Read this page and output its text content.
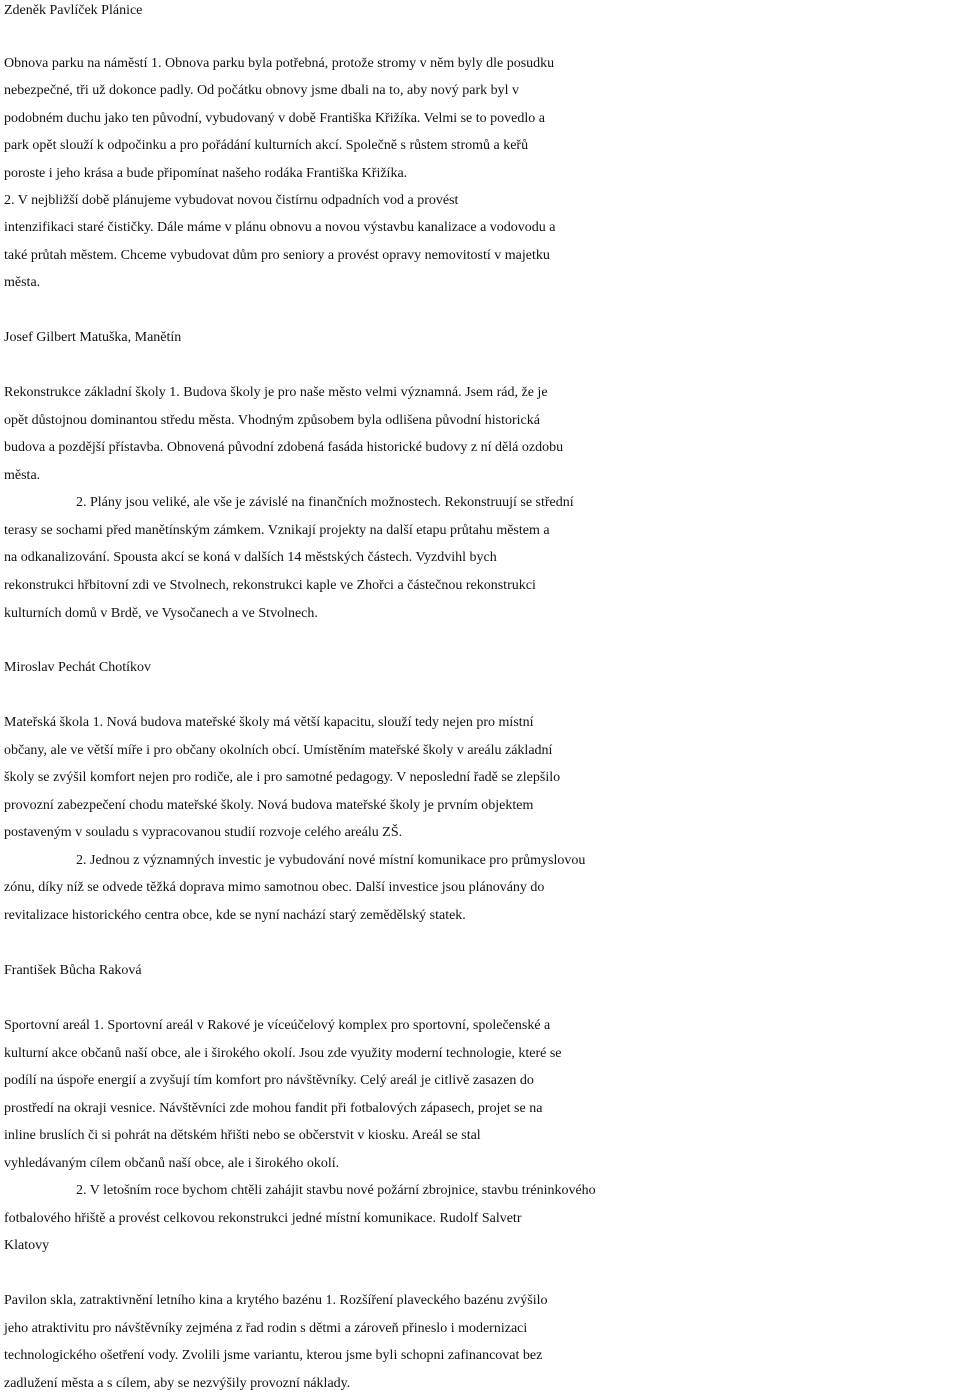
Zdeněk Pavlíček Plánice
Obnova parku na náměstí 1. Obnova parku byla potřebná, protože stromy v něm byly dle posudku
nebezpečné, tři už dokonce padly. Od počátku obnovy jsme dbali na to, aby nový park byl v
podobném duchu jako ten původní, vybudovaný v době Františka Křižíka. Velmi se to povedlo a
park opět slouží k odpočinku a pro pořádání kulturních akcí. Společně s růstem stromů a keřů
poroste i jeho krása a bude připomínat našeho rodáka Františka Křižíka.
2. V nejbližší době plánujeme vybudovat novou čistírnu odpadních vod a provést
intenzifikaci staré čističky. Dále máme v plánu obnovu a novou výstavbu kanalizace a vodovodu a
také průtah městem. Chceme vybudovat dům pro seniory a provést opravy nemovitostí v majetku
města.
Josef Gilbert Matuška, Manětín
Rekonstrukce základní školy 1. Budova školy je pro naše město velmi významná. Jsem rád, že je
opět důstojnou dominantou středu města. Vhodným způsobem byla odlišena původní historická
budova a pozdější přístavba. Obnovená původní zdobená fasáda historické budovy z ní dělá ozdobu
města.
2. Plány jsou veliké, ale vše je závislé na finančních možnostech. Rekonstruují se střední
terasy se sochami před manětínským zámkem. Vznikají projekty na další etapu průtahu městem a
na odkanalizování. Spousta akcí se koná v dalších 14 městských částech. Vyzdvihl bych
rekonstrukci hřbitovní zdi ve Stvolnech, rekonstrukci kaple ve Zhořci a částečnou rekonstrukci
kulturních domů v Brdě, ve Vysočanech a ve Stvolnech.
Miroslav Pechát Chotíkov
Mateřská škola 1. Nová budova mateřské školy má větší kapacitu, slouží tedy nejen pro místní
občany, ale ve větší míře i pro občany okolních obcí. Umístěním mateřské školy v areálu základní
školy se zvýšil komfort nejen pro rodiče, ale i pro samotné pedagogy. V neposlední řadě se zlepšilo
provozní zabezpečení chodu mateřské školy. Nová budova mateřské školy je prvním objektem
postaveným v souladu s vypracovanou studií rozvoje celého areálu ZŠ.
2. Jednou z významných investic je vybudování nové místní komunikace pro průmyslovou
zónu, díky níž se odvede těžká doprava mimo samotnou obec. Další investice jsou plánovány do
revitalizace historického centra obce, kde se nyní nachází starý zemědělský statek.
František Bůcha Raková
Sportovní areál 1. Sportovní areál v Rakové je víceúčelový komplex pro sportovní, společenské a
kulturní akce občanů naší obce, ale i širokého okolí. Jsou zde využity moderní technologie, které se
podílí na úspoře energií a zvyšují tím komfort pro návštěvníky. Celý areál je citlivě zasazen do
prostředí na okraji vesnice. Návštěvníci zde mohou fandit při fotbalových zápasech, projet se na
inline bruslích či si pohrát na dětském hřišti nebo se občerstvit v kiosku. Areál se stal
vyhledávaným cílem občanů naší obce, ale i širokého okolí.
2. V letošním roce bychom chtěli zahájit stavbu nové požární zbrojnice, stavbu tréninkového
fotbalového hřiště a provést celkovou rekonstrukci jedné místní komunikace. Rudolf Salvetr
Klatovy
Pavilon skla, zatraktivnění letního kina a krytého bazénu 1. Rozšíření plaveckého bazénu zvýšilo
jeho atraktivitu pro návštěvníky zejména z řad rodin s dětmi a zároveň přineslo i modernizaci
technologického ošetření vody. Zvolili jsme variantu, kterou jsme byli schopni zafinancovat bez
zadlužení města a s cílem, aby se nezvýšily provozní náklady.
